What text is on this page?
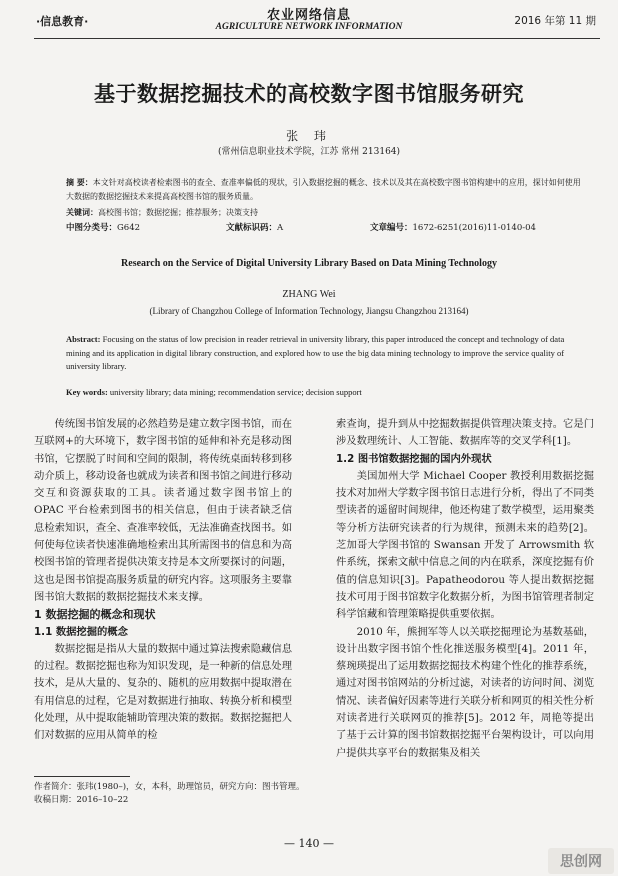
·信息教育·	农业网络信息
AGRICULTURE NETWORK INFORMATION	2016 年第 11 期
基于数据挖掘技术的高校数字图书馆服务研究
张 玮
(常州信息职业技术学院，江苏 常州 213164)
摘 要：本文针对高校读者检索图书的查全、查准率偏低的现状，引入数据挖掘的概念、技术以及其在高校数字图书馆构建中的应用，探讨如何使用大数据的数据挖掘技术来提高高校图书馆的服务质量。
关键词：高校图书馆；数据挖掘；推荐服务；决策支持
中图分类号：G642	文献标识码：A	文章编号：1672-6251(2016)11-0140-04
Research on the Service of Digital University Library Based on Data Mining Technology
ZHANG Wei
(Library of Changzhou College of Information Technology, Jiangsu Changzhou 213164)
Abstract: Focusing on the status of low precision in reader retrieval in university library, this paper introduced the concept and technology of data mining and its application in digital library construction, and explored how to use the big data mining technology to improve the service quality of university library.
Key words: university library; data mining; recommendation service; decision support

传统图书馆发展的必然趋势是建立数字图书馆，而在互联网+的大环境下，数字图书馆的延伸和补充是移动图书馆，它摆脱了时间和空间的限制，将传统桌面转移到移动介质上，移动设备也就成为读者和图书馆之间进行移动交互和资源获取的工具。读者通过数字图书馆上的 OPAC 平台检索到图书的相关信息，但由于读者缺乏信息检索知识，查全、查准率较低，无法准确查找图书。如何使每位读者快速准确地检索出其所需图书的信息和为高校图书馆的管理者提供决策支持是本文所要探讨的问题，这也是图书馆提高服务质量的研究内容。这项服务主要靠图书馆大数据的数据挖掘技术来支撑。

1 数据挖掘的概念和现状

1.1 数据挖掘的概念

数据挖掘是指从大量的数据中通过算法搜索隐藏信息的过程。数据挖掘也称为知识发现，是一种新的信息处理技术，是从大量的、复杂的、随机的应用数据中提取潜在有用信息的过程，它是对数据进行抽取、转换分析和模型化处理，从中提取能辅助管理决策的数据。数据挖掘把人们对数据的应用从简单的检

索查询，提升到从中挖掘数据提供管理决策支持。它是门涉及数理统计、人工智能、数据库等的交叉学科[1]。

1.2 图书馆数据挖掘的国内外现状

美国加州大学 Michael Cooper 教授利用数据挖掘技术对加州大学数字图书馆日志进行分析，得出了不同类型读者的遥留时间规律，他还构建了数学模型，运用聚类等分析方法研究读者的行为规律，预测未来的趋势[2]。芝加哥大学图书馆的 Swansan 开发了 Arrowsmith 软件系统，探索文献中信息之间的内在联系，深度挖掘有价值的信息知识[3]。Papatheodorou 等人提出数据挖掘技术可用于图书馆数字化数据分析，为图书馆管理者制定科学馆藏和管理策略提供重要依据。

2010 年，熊拥军等人以关联挖掘理论为基数基础，设计出数字图书馆个性化推送服务模型[4]。2011 年，蔡琬瑛提出了运用数据挖掘技术构建个性化的推荐系统，通过对图书馆网站的分析过滤，对读者的访问时间、浏览情况、读者偏好因素等进行关联分析和网页的相关性分析对读者进行关联网页的推荐[5]。2012 年，周艳等提出了基于云计算的图书馆数据挖掘平台架构设计，可以向用户提供共享平台的数据集及相关

作者简介：张玮(1980–)，女，本科，助理馆员，研究方向：图书管理。
收稿日期：2016–10–22
— 140 —
思创网
